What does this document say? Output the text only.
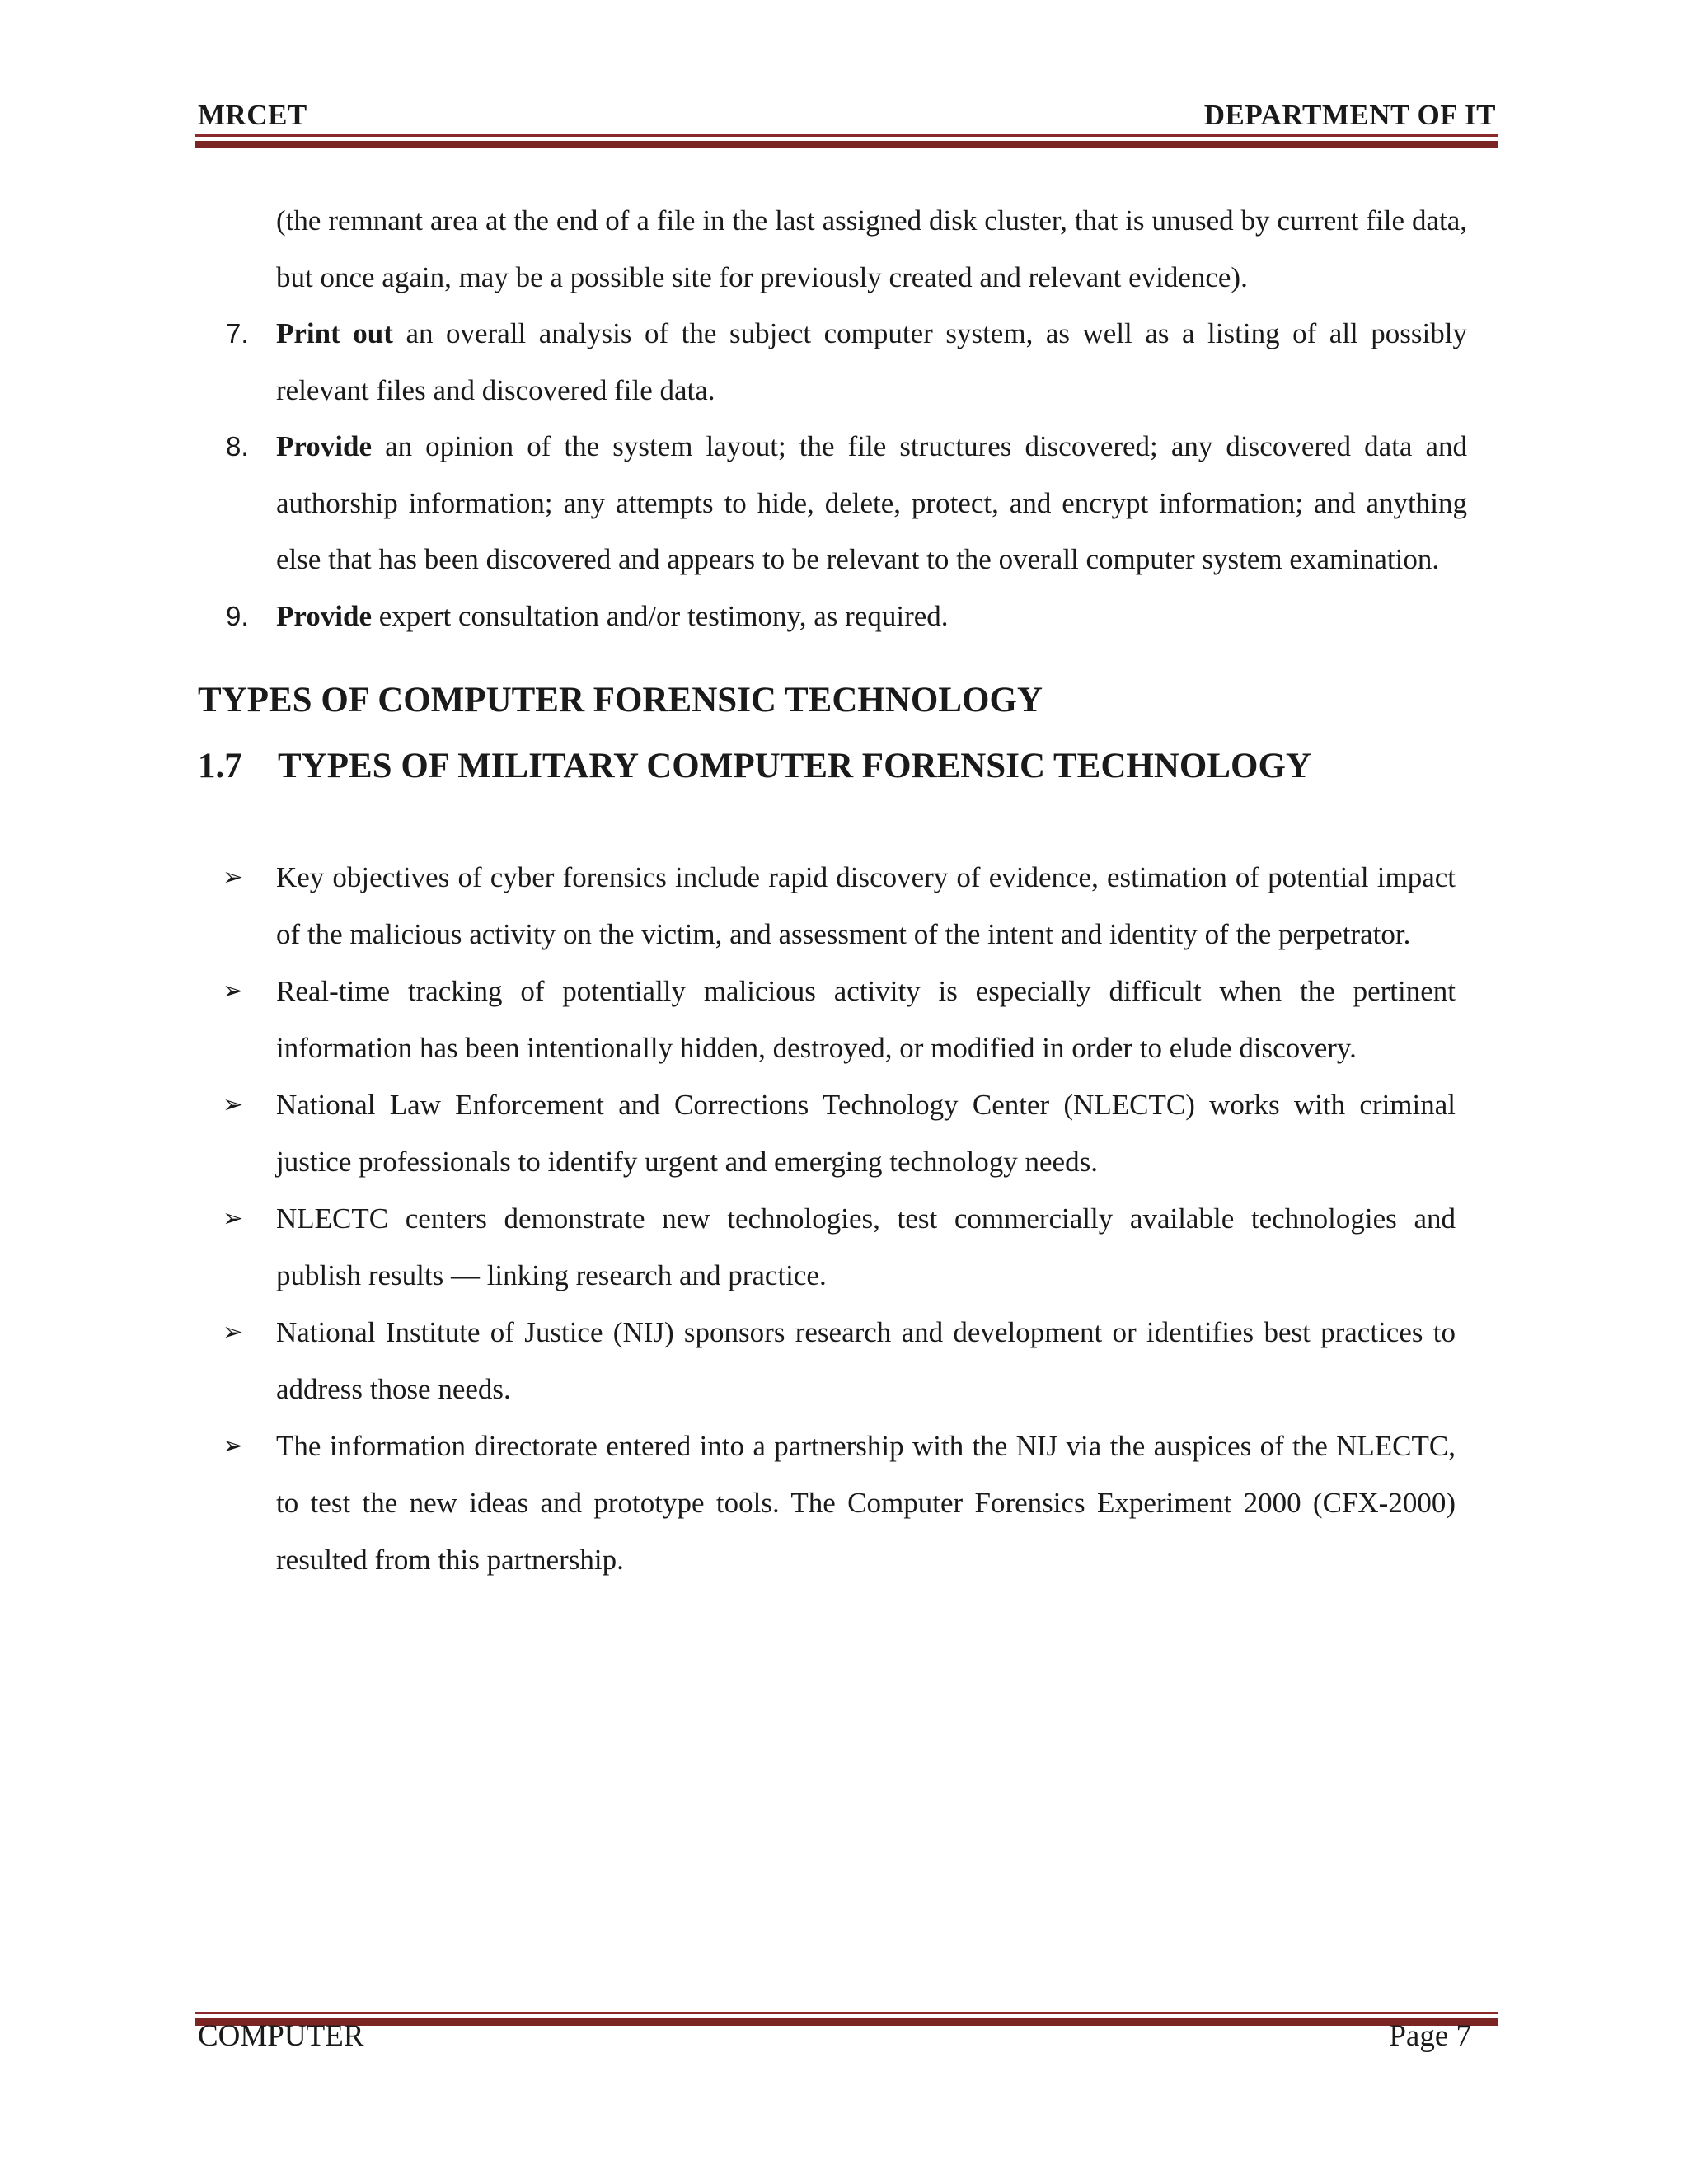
MRCET	DEPARTMENT OF IT
(the remnant area at the end of a file in the last assigned disk cluster, that is unused by current file data, but once again, may be a possible site for previously created and relevant evidence).
7. Print out an overall analysis of the subject computer system, as well as a listing of all possibly relevant files and discovered file data.
8. Provide an opinion of the system layout; the file structures discovered; any discovered data and authorship information; any attempts to hide, delete, protect, and encrypt information; and anything else that has been discovered and appears to be relevant to the overall computer system examination.
9. Provide expert consultation and/or testimony, as required.
TYPES OF COMPUTER FORENSIC TECHNOLOGY
1.7	TYPES OF MILITARY COMPUTER FORENSIC TECHNOLOGY
➢ Key objectives of cyber forensics include rapid discovery of evidence, estimation of potential impact of the malicious activity on the victim, and assessment of the intent and identity of the perpetrator.
➢ Real-time tracking of potentially malicious activity is especially difficult when the pertinent information has been intentionally hidden, destroyed, or modified in order to elude discovery.
➢ National Law Enforcement and Corrections Technology Center (NLECTC) works with criminal justice professionals to identify urgent and emerging technology needs.
➢ NLECTC centers demonstrate new technologies, test commercially available technologies and publish results — linking research and practice.
➢ National Institute of Justice (NIJ) sponsors research and development or identifies best practices to address those needs.
➢ The information directorate entered into a partnership with the NIJ via the auspices of the NLECTC, to test the new ideas and prototype tools. The Computer Forensics Experiment 2000 (CFX-2000) resulted from this partnership.
COMPUTER	Page 7
